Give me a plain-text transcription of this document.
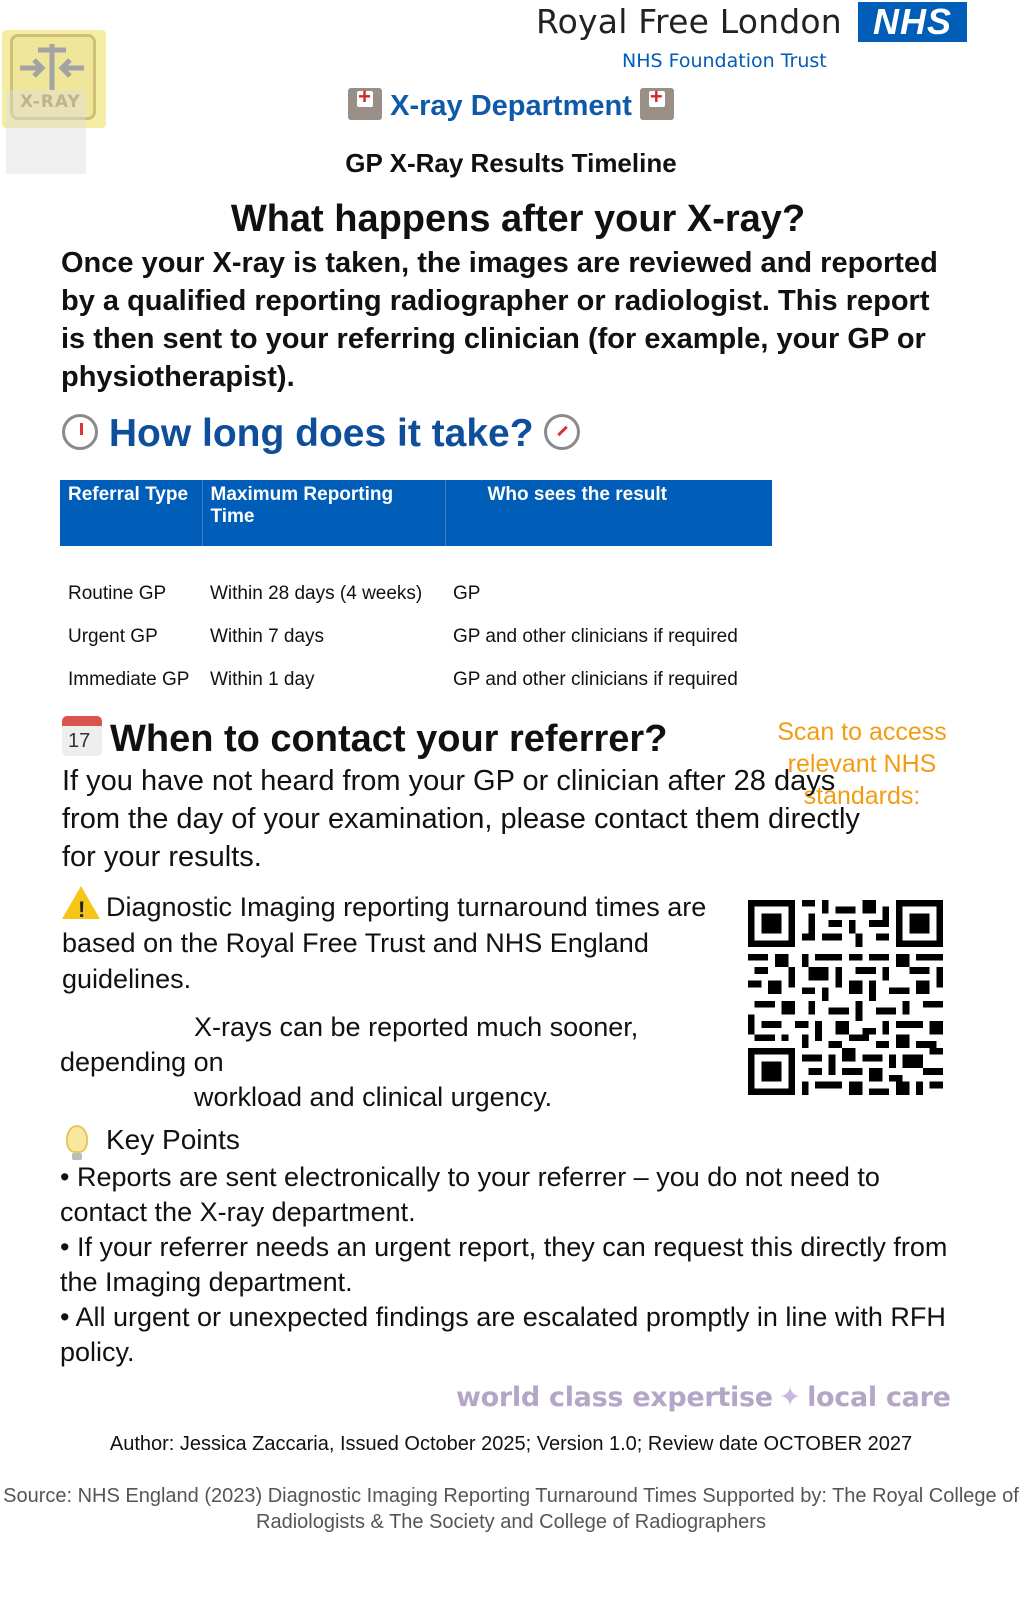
X-RAY
Royal Free London
NHS Foundation Trust
NHS
+X-ray Department+
GP X-Ray Results Timeline
What happens after your X-ray?
Once your X-ray is taken, the images are reviewed and reported by a qualified reporting radiographer or radiologist. This report is then sent to your referring clinician (for example, your GP or physiotherapist).
How long does it take?
Referral Type	Maximum Reporting Time	Who sees the result
Routine GP	Within 28 days (4 weeks)	GP
Urgent GP	Within 7 days	GP and other clinicians if required
Immediate GP	Within 1 day	GP and other clinicians if required
17 When to contact your referrer?	Scan to access relevant NHS standards:
If you have not heard from your GP or clinician after 28 days from the day of your examination, please contact them directly for your results.
!Diagnostic Imaging reporting turnaround times are based on the Royal Free Trust and NHS England guidelines.
X-rays can be reported much sooner,
depending on
workload and clinical urgency.
Key Points
• Reports are sent electronically to your referrer – you do not need to contact the X-ray department.
• If your referrer needs an urgent report, they can request this directly from the Imaging department.
• All urgent or unexpected findings are escalated promptly in line with RFH policy.
world class expertise ✦ local care
Author: Jessica Zaccaria, Issued October 2025; Version 1.0; Review date OCTOBER 2027
Source: NHS England (2023) Diagnostic Imaging Reporting Turnaround Times Supported by: The Royal College of Radiologists & The Society and College of Radiographers
